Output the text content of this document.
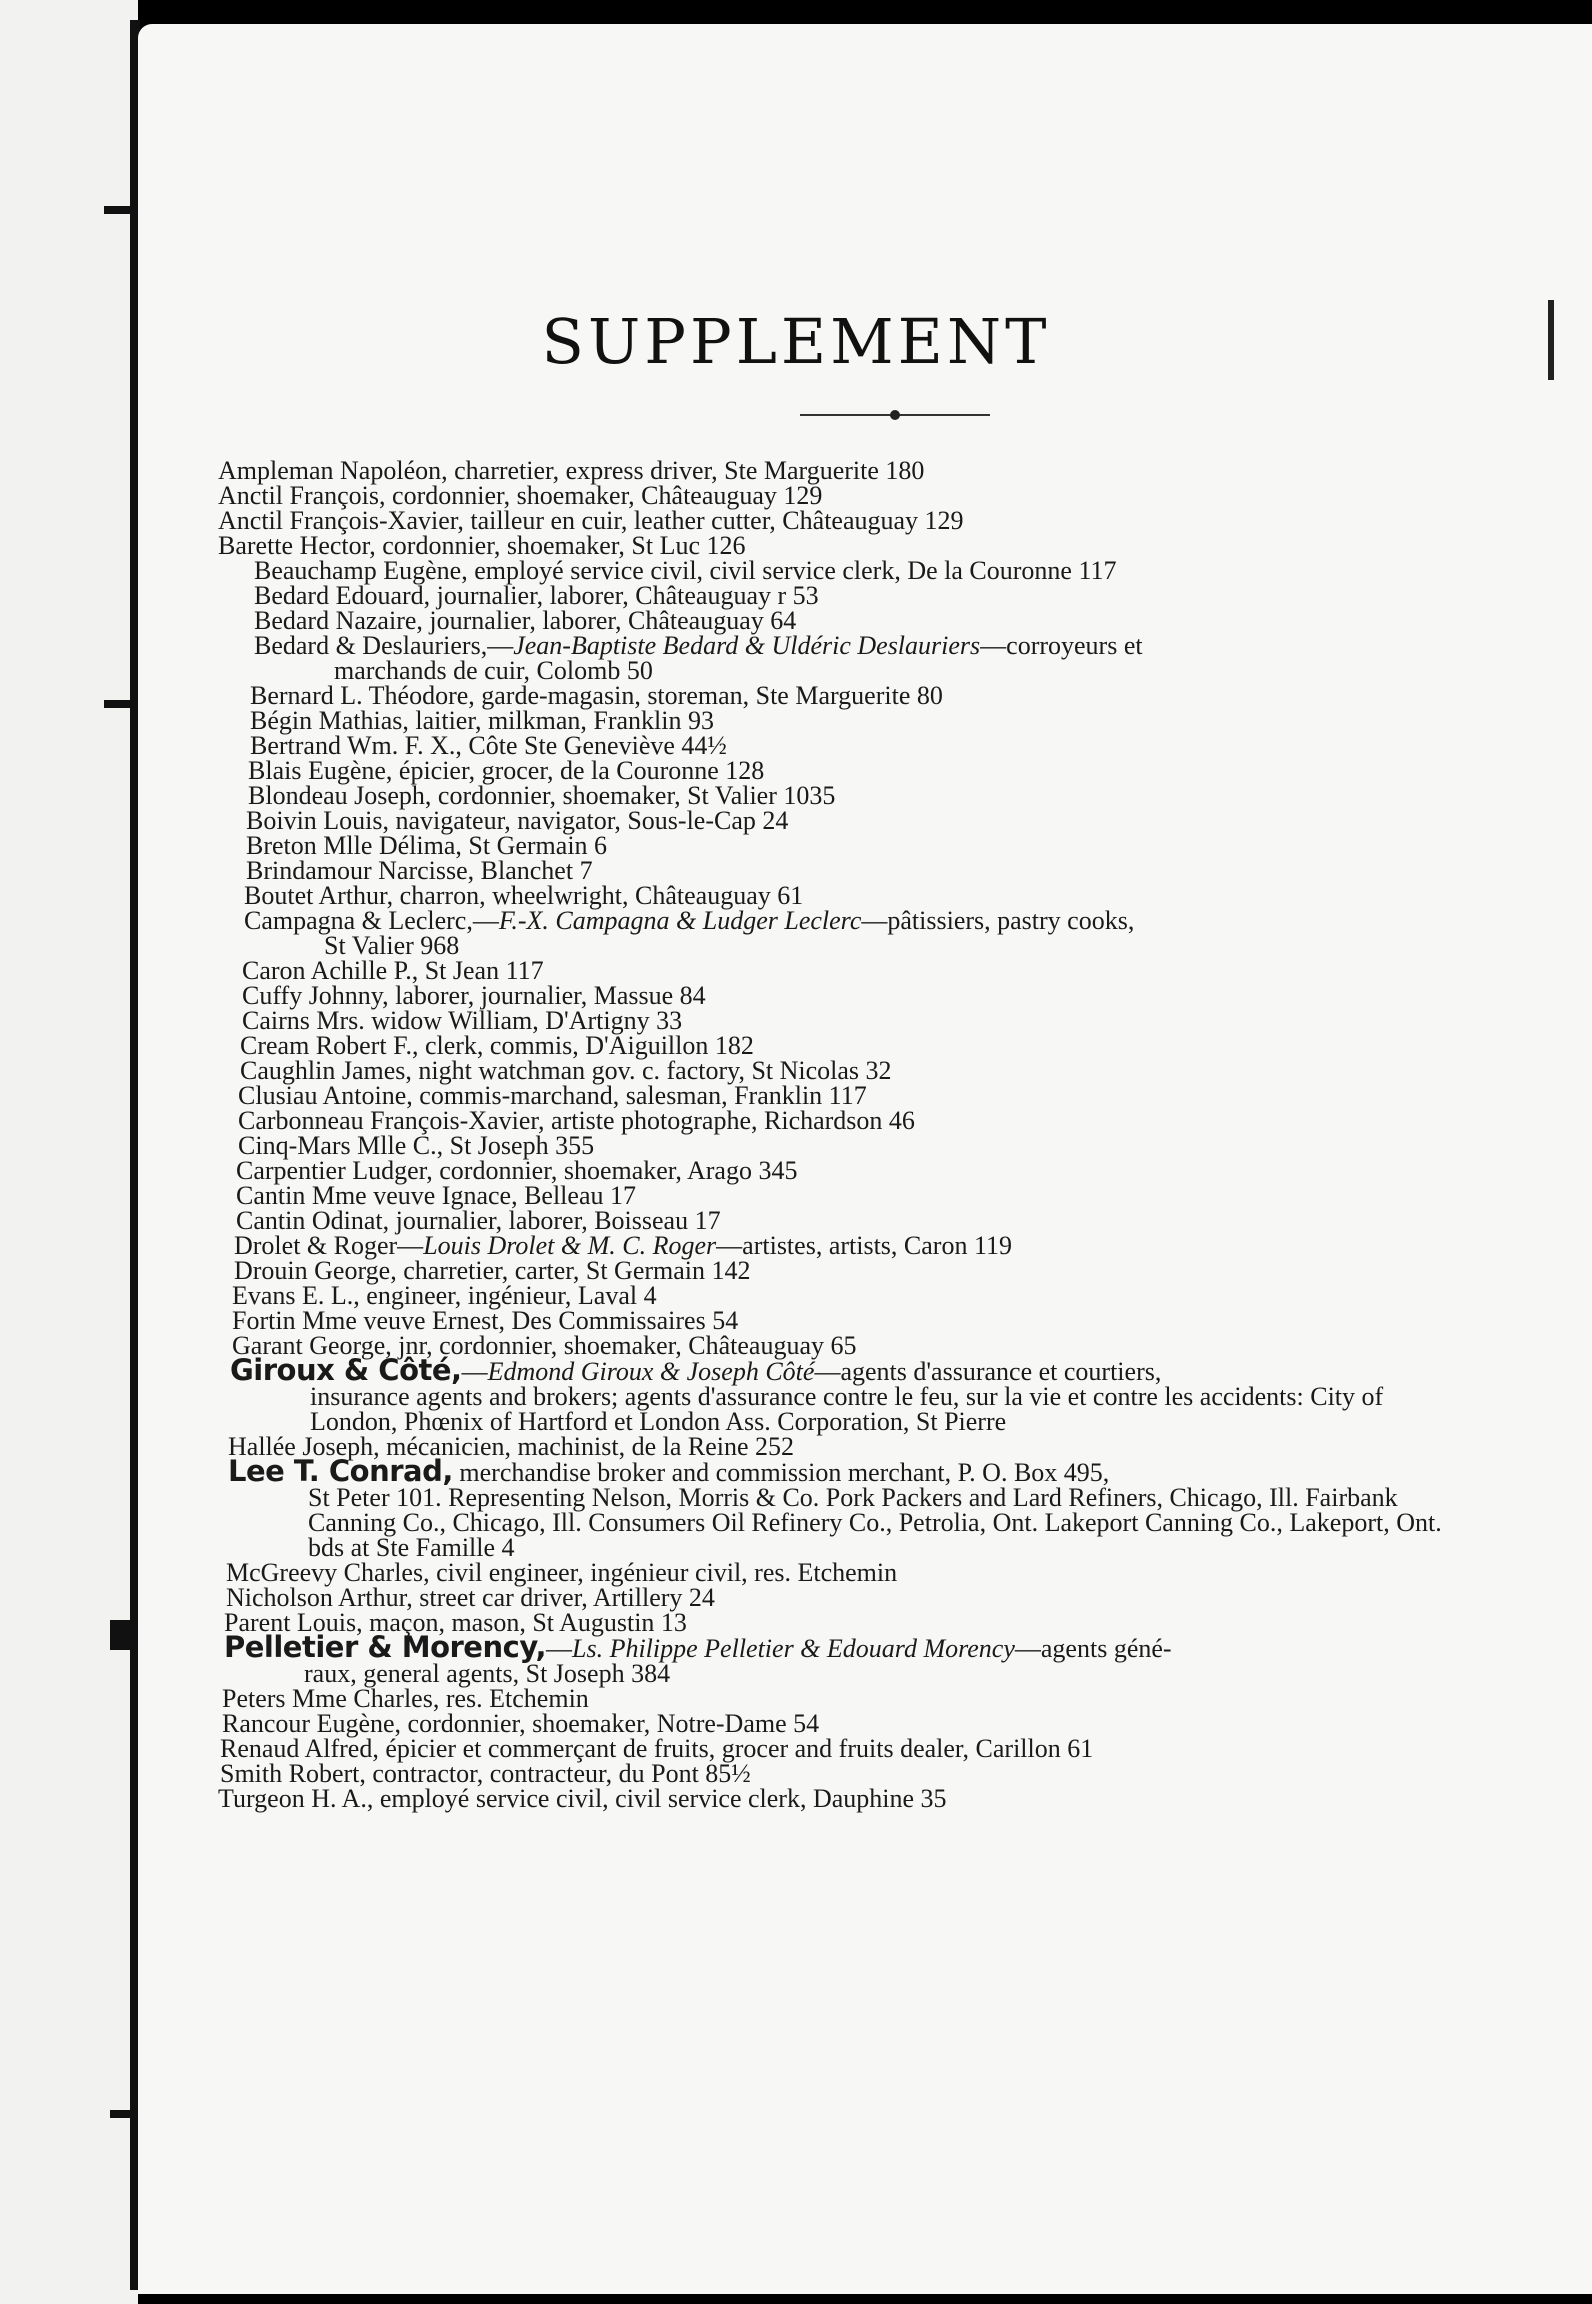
SUPPLEMENT
Ampleman Napoléon, charretier, express driver, Ste Marguerite 180
Anctil François, cordonnier, shoemaker, Châteauguay 129
Anctil François-Xavier, tailleur en cuir, leather cutter, Châteauguay 129
Barette Hector, cordonnier, shoemaker, St Luc 126
Beauchamp Eugène, employé service civil, civil service clerk, De la Couronne 117
Bedard Edouard, journalier, laborer, Châteauguay r 53
Bedard Nazaire, journalier, laborer, Châteauguay 64
Bedard & Deslauriers,—Jean-Baptiste Bedard & Uldéric Deslauriers—corroyeurs et
marchands de cuir, Colomb 50
Bernard L. Théodore, garde-magasin, storeman, Ste Marguerite 80
Bégin Mathias, laitier, milkman, Franklin 93
Bertrand Wm. F. X., Côte Ste Geneviève 44½
Blais Eugène, épicier, grocer, de la Couronne 128
Blondeau Joseph, cordonnier, shoemaker, St Valier 1035
Boivin Louis, navigateur, navigator, Sous-le-Cap 24
Breton Mlle Délima, St Germain 6
Brindamour Narcisse, Blanchet 7
Boutet Arthur, charron, wheelwright, Châteauguay 61
Campagna & Leclerc,—F.-X. Campagna & Ludger Leclerc—pâtissiers, pastry cooks,
St Valier 968
Caron Achille P., St Jean 117
Cuffy Johnny, laborer, journalier, Massue 84
Cairns Mrs. widow William, D'Artigny 33
Cream Robert F., clerk, commis, D'Aiguillon 182
Caughlin James, night watchman gov. c. factory, St Nicolas 32
Clusiau Antoine, commis-marchand, salesman, Franklin 117
Carbonneau François-Xavier, artiste photographe, Richardson 46
Cinq-Mars Mlle C., St Joseph 355
Carpentier Ludger, cordonnier, shoemaker, Arago 345
Cantin Mme veuve Ignace, Belleau 17
Cantin Odinat, journalier, laborer, Boisseau 17
Drolet & Roger—Louis Drolet & M. C. Roger—artistes, artists, Caron 119
Drouin George, charretier, carter, St Germain 142
Evans E. L., engineer, ingénieur, Laval 4
Fortin Mme veuve Ernest, Des Commissaires 54
Garant George, jnr, cordonnier, shoemaker, Châteauguay 65
Giroux & Côté,—Edmond Giroux & Joseph Côté—agents d'assurance et courtiers,
insurance agents and brokers; agents d'assurance contre le feu, sur la vie et contre les accidents: City of London, Phœnix of Hartford et London Ass. Corporation, St Pierre
Hallée Joseph, mécanicien, machinist, de la Reine 252
Lee T. Conrad, merchandise broker and commission merchant, P. O. Box 495,
St Peter 101. Representing Nelson, Morris & Co. Pork Packers and Lard Refiners, Chicago, Ill. Fairbank Canning Co., Chicago, Ill. Consumers Oil Refinery Co., Petrolia, Ont. Lakeport Canning Co., Lakeport, Ont. bds at Ste Famille 4
McGreevy Charles, civil engineer, ingénieur civil, res. Etchemin
Nicholson Arthur, street car driver, Artillery 24
Parent Louis, maçon, mason, St Augustin 13
Pelletier & Morency,—Ls. Philippe Pelletier & Edouard Morency—agents géné-
raux, general agents, St Joseph 384
Peters Mme Charles, res. Etchemin
Rancour Eugène, cordonnier, shoemaker, Notre-Dame 54
Renaud Alfred, épicier et commerçant de fruits, grocer and fruits dealer, Carillon 61
Smith Robert, contractor, contracteur, du Pont 85½
Turgeon H. A., employé service civil, civil service clerk, Dauphine 35
